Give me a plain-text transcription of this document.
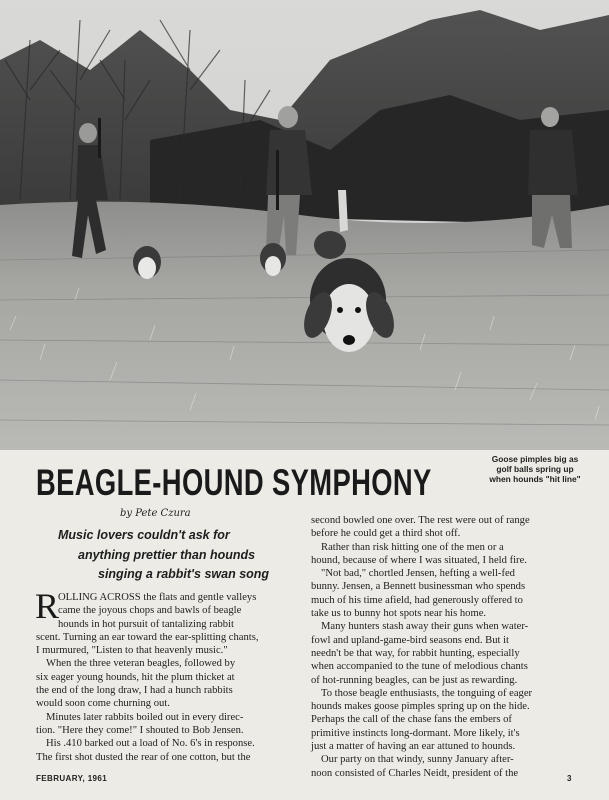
Goose pimples big as
golf balls spring up
when hounds "hit line"
BEAGLE-HOUND SYMPHONY
by Pete Czura
Music lovers couldn't ask for
anything prettier than hounds
singing a rabbit's swan song
R
OLLING ACROSS the flats and gentle valleys
came the joyous chops and bawls of beagle
hounds in hot pursuit of tantalizing rabbit
scent. Turning an ear toward the ear-splitting chants,
I murmured, "Listen to that heavenly music."
When the three veteran beagles, followed by
six eager young hounds, hit the plum thicket at
the end of the long draw, I had a hunch rabbits
would soon come churning out.
Minutes later rabbits boiled out in every direc-
tion. "Here they come!" I shouted to Bob Jensen.
His .410 barked out a load of No. 6's in response.
The first shot dusted the rear of one cotton, but the
second bowled one over. The rest were out of range
before he could get a third shot off.
Rather than risk hitting one of the men or a
hound, because of where I was situated, I held fire.
"Not bad," chortled Jensen, hefting a well-fed
bunny. Jensen, a Bennett businessman who spends
much of his time afield, had generously offered to
take us to bunny hot spots near his home.
Many hunters stash away their guns when water-
fowl and upland-game-bird seasons end. But it
needn't be that way, for rabbit hunting, especially
when accompanied to the tune of melodious chants
of hot-running beagles, can be just as rewarding.
To those beagle enthusiasts, the tonguing of eager
hounds makes goose pimples spring up on the hide.
Perhaps the call of the chase fans the embers of
primitive instincts long-dormant. More likely, it's
just a matter of having an ear attuned to hounds.
Our party on that windy, sunny January after-
noon consisted of Charles Neidt, president of the
FEBRUARY, 1961	3
